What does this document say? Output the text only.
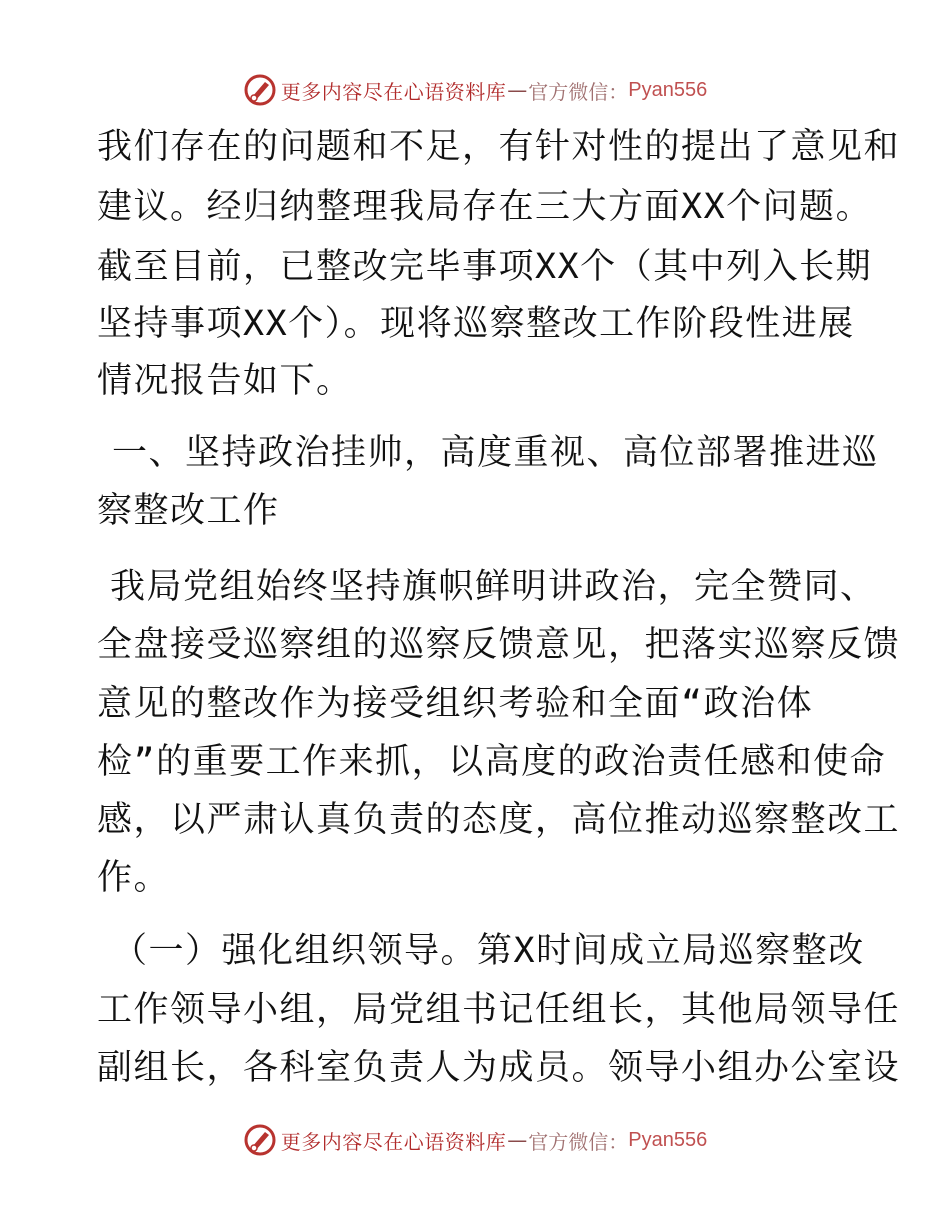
更多内容尽在心语资料库 — 官方微信： Pyan556
我们存在的问题和不足，有针对性的提出了意见和
建议。经归纳整理我局存在三大方面XX个问题。
截至目前，已整改完毕事项XX个（其中列入长期
坚持事项XX个）。现将巡察整改工作阶段性进展
情况报告如下。
一、坚持政治挂帅，高度重视、高位部署推进巡
察整改工作
我局党组始终坚持旗帜鲜明讲政治，完全赞同、
全盘接受巡察组的巡察反馈意见，把落实巡察反馈
意见的整改作为接受组织考验和全面“政治体
检”的重要工作来抓，以高度的政治责任感和使命
感，以严肃认真负责的态度，高位推动巡察整改工
作。
（一）强化组织领导。第X时间成立局巡察整改
工作领导小组，局党组书记任组长，其他局领导任
副组长，各科室负责人为成员。领导小组办公室设
更多内容尽在心语资料库 — 官方微信： Pyan556
